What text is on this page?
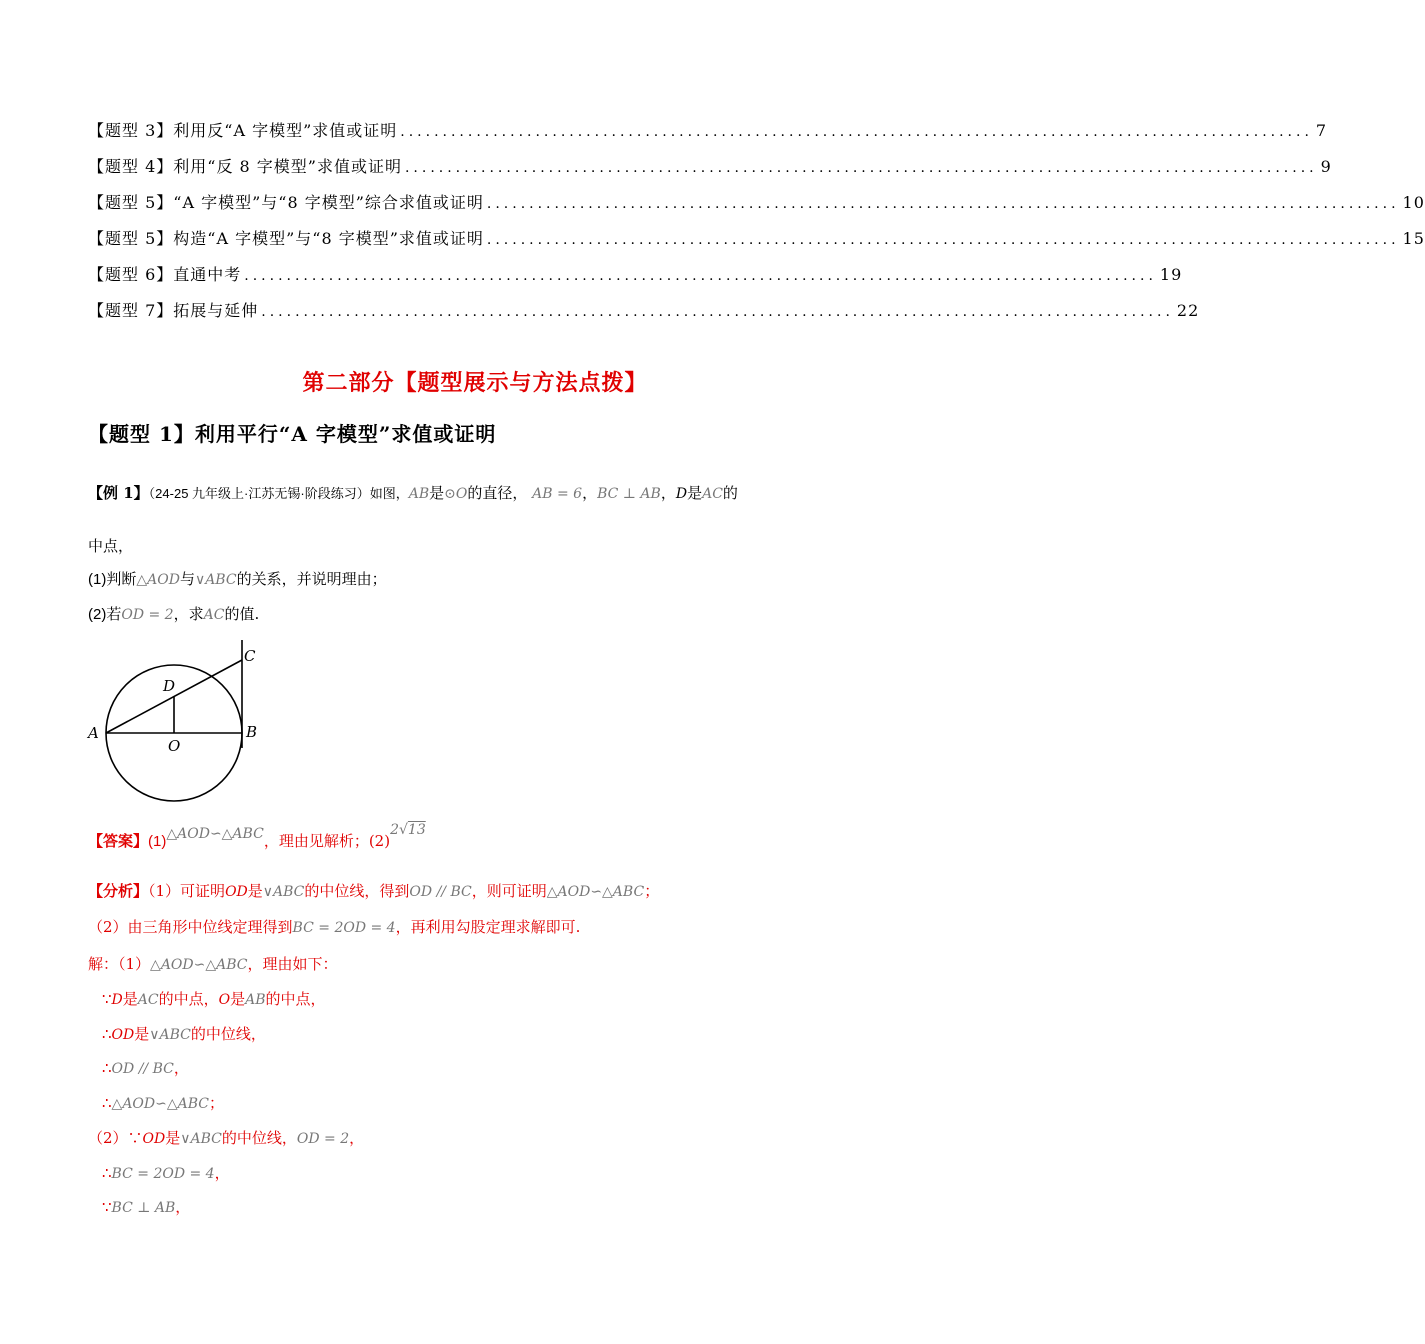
【题型 3】利用反“A 字模型”求值或证明 ............................................................................................................ 7
【题型 4】利用“反 8 字模型”求值或证明 ............................................................................................................ 9
【题型 5】“A 字模型”与“8 字模型”综合求值或证明 ............................................................................................................ 10
【题型 5】构造“A 字模型”与“8 字模型”求值或证明 ............................................................................................................ 15
【题型 6】直通中考 ............................................................................................................ 19
【题型 7】拓展与延伸 ............................................................................................................ 22
第二部分【题型展示与方法点拨】
【题型 1】利用平行“A 字模型”求值或证明
【例 1】（24-25 九年级上·江苏无锡·阶段练习）如图，AB是⊙O的直径， AB = 6，BC ⊥ AB，D是AC的
中点，
(1)判断△AOD与∨ABC的关系，并说明理由；
(2)若OD = 2，求AC的值.
A	B
C
D
O
【答案】(1)△AOD∽△ABC，理由见解析；(2)2√13
【分析】（1）可证明OD是∨ABC的中位线，得到OD // BC，则可证明△AOD∽△ABC；
（2）由三角形中位线定理得到BC = 2OD = 4，再利用勾股定理求解即可.
解：（1）△AOD∽△ABC，理由如下：
∵D是AC的中点，O是AB的中点，
∴OD是∨ABC的中位线，
∴OD // BC，
∴△AOD∽△ABC；
（2）∵OD是∨ABC的中位线，OD = 2，
∴BC = 2OD = 4，
∵BC ⊥ AB，
